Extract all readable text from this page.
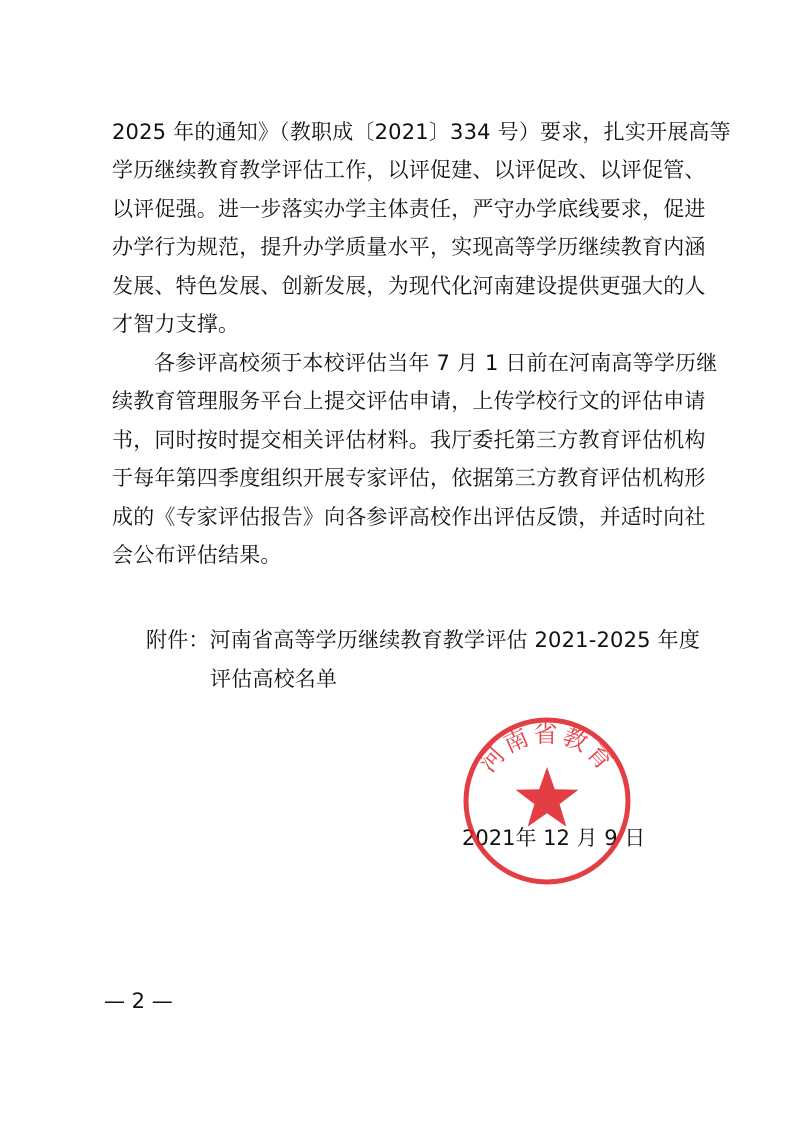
2025 年的通知》（教职成〔2021〕334 号）要求，扎实开展高等
学历继续教育教学评估工作，以评促建、以评促改、以评促管、
以评促强。进一步落实办学主体责任，严守办学底线要求，促进
办学行为规范，提升办学质量水平，实现高等学历继续教育内涵
发展、特色发展、创新发展，为现代化河南建设提供更强大的人
才智力支撑。
各参评高校须于本校评估当年 7 月 1 日前在河南高等学历继
续教育管理服务平台上提交评估申请，上传学校行文的评估申请
书，同时按时提交相关评估材料。我厅委托第三方教育评估机构
于每年第四季度组织开展专家评估，依据第三方教育评估机构形
成的《专家评估报告》向各参评高校作出评估反馈，并适时向社
会公布评估结果。
附件：河南省高等学历继续教育教学评估 2021-2025 年度
评估高校名单
2021年 12 月 9 日
河南省教育
— 2 —
